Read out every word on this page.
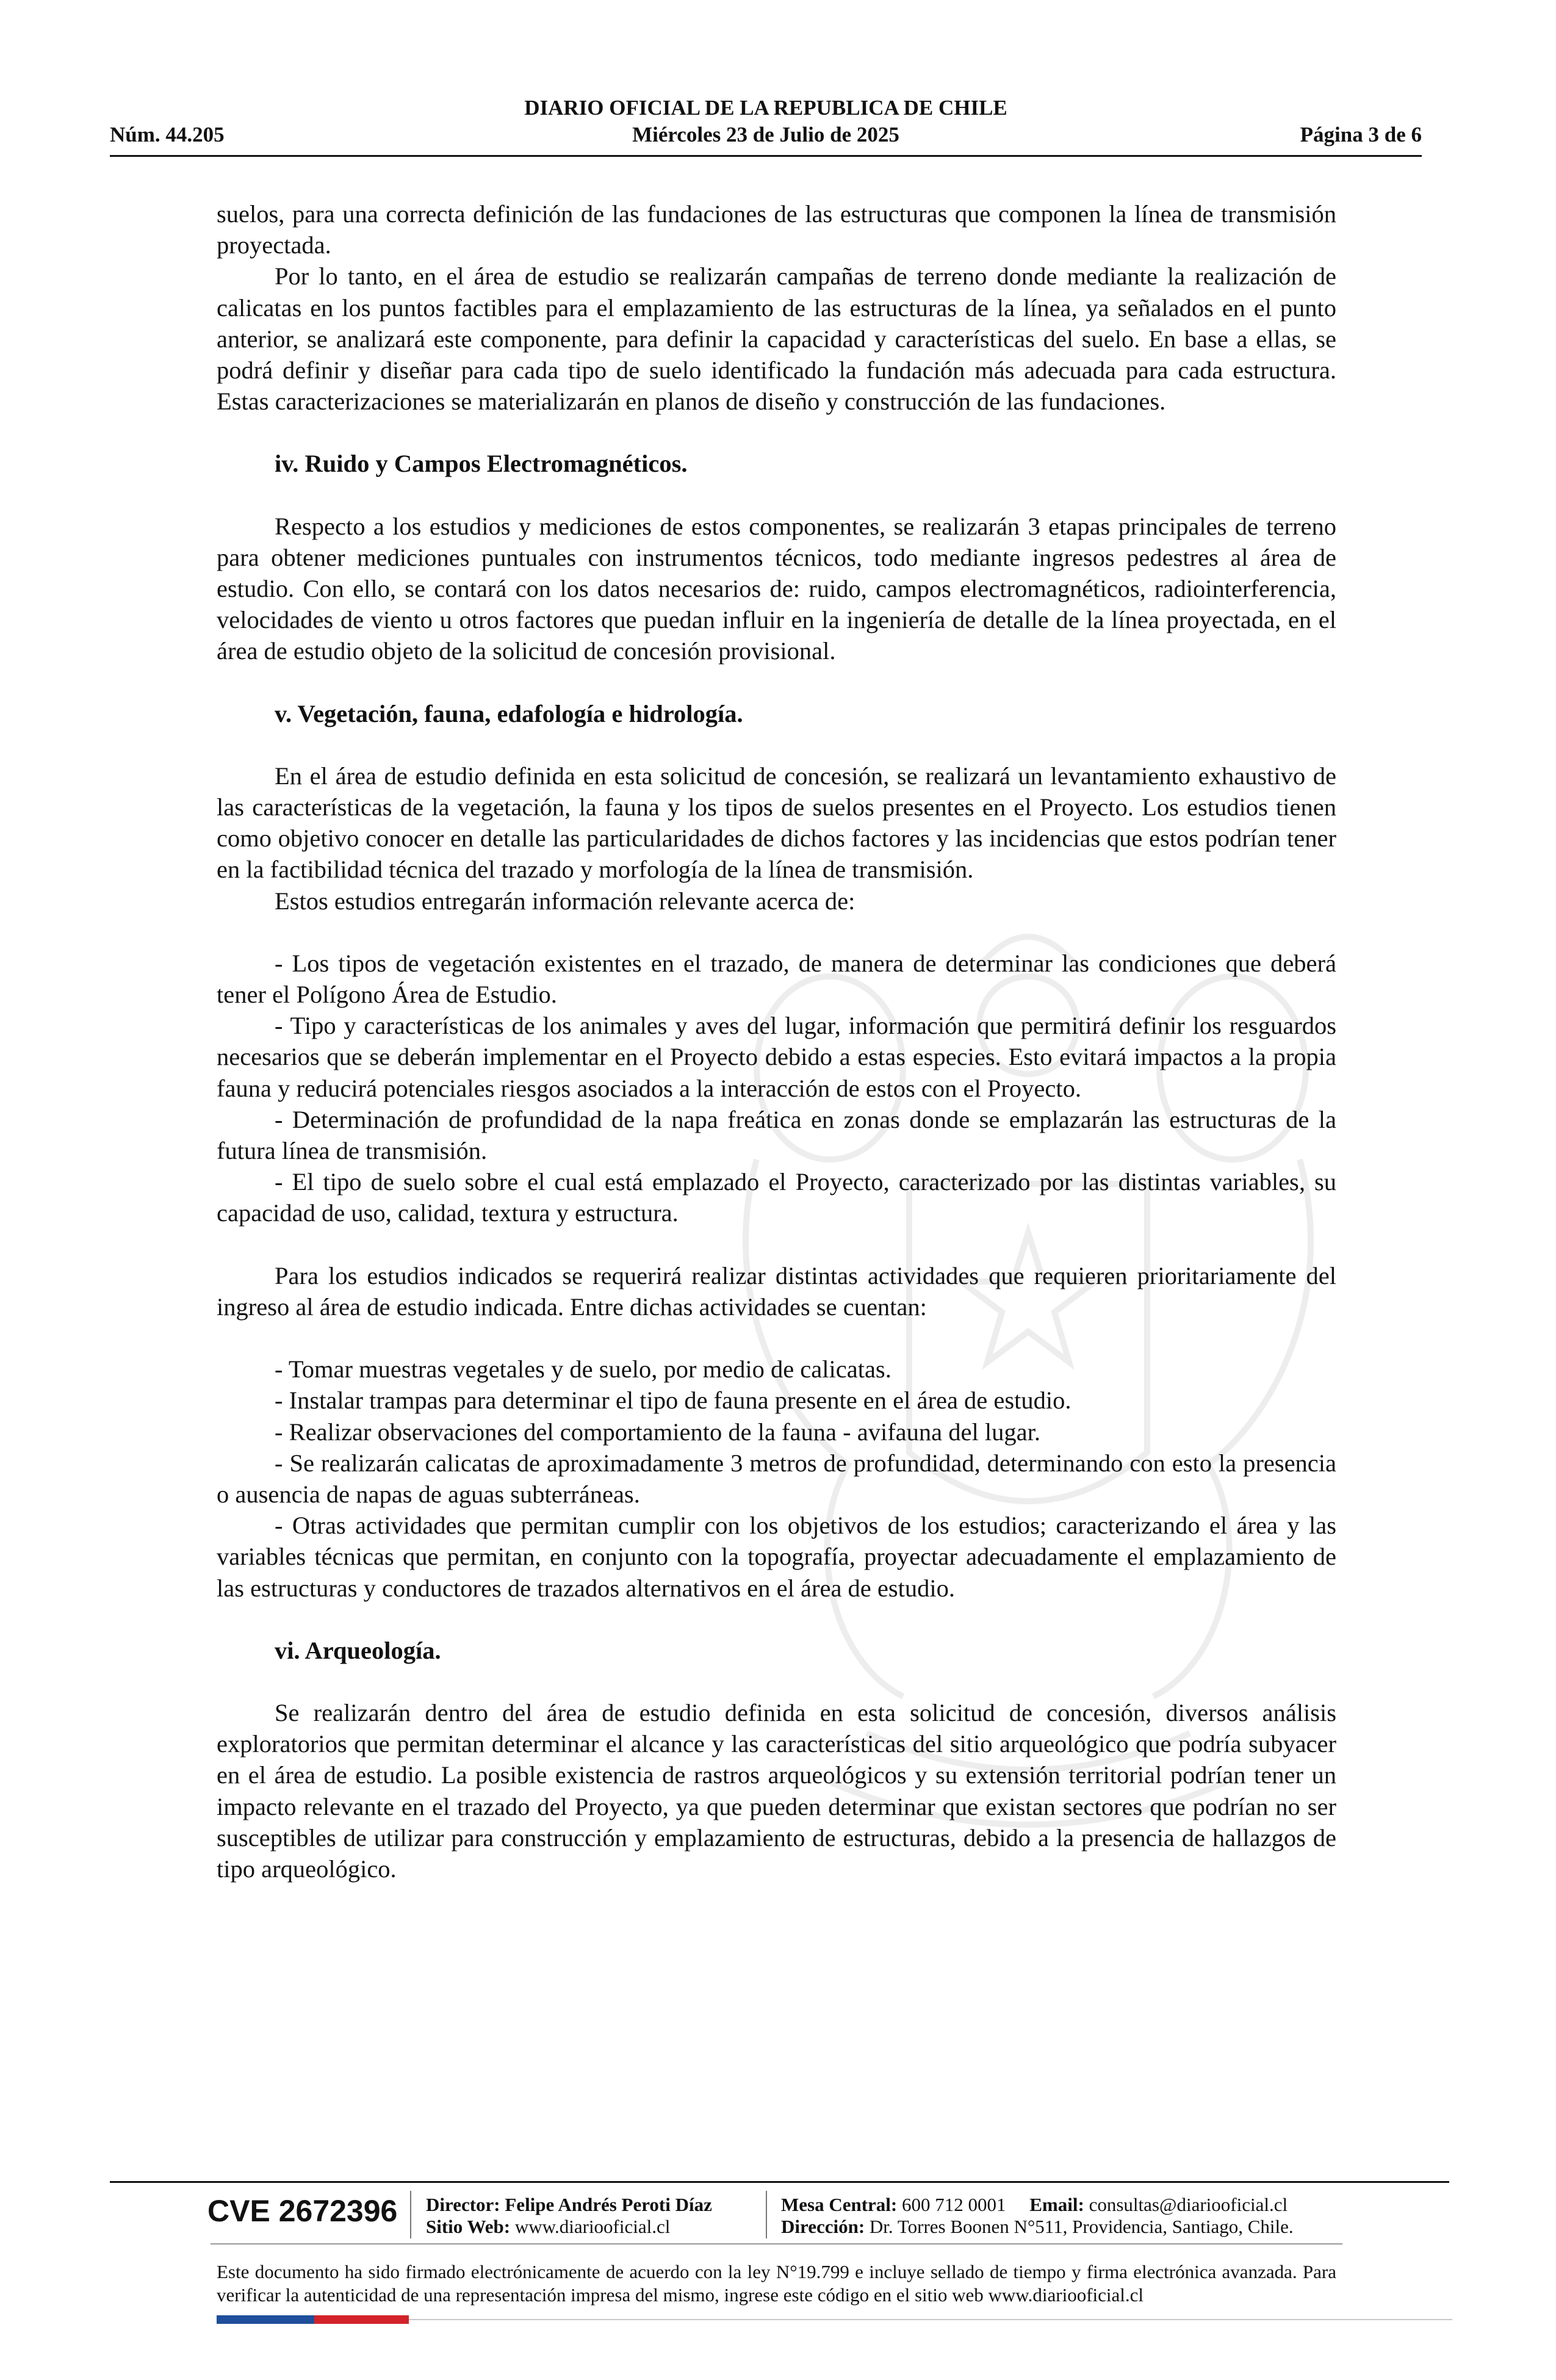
DIARIO OFICIAL DE LA REPUBLICA DE CHILE
Núm. 44.205	Miércoles 23 de Julio de 2025	Página 3 de 6

suelos, para una correcta definición de las fundaciones de las estructuras que componen la línea de transmisión proyectada.

Por lo tanto, en el área de estudio se realizarán campañas de terreno donde mediante la realización de calicatas en los puntos factibles para el emplazamiento de las estructuras de la línea, ya señalados en el punto anterior, se analizará este componente, para definir la capacidad y características del suelo. En base a ellas, se podrá definir y diseñar para cada tipo de suelo identificado la fundación más adecuada para cada estructura. Estas caracterizaciones se materializarán en planos de diseño y construcción de las fundaciones.

iv. Ruido y Campos Electromagnéticos.

Respecto a los estudios y mediciones de estos componentes, se realizarán 3 etapas principales de terreno para obtener mediciones puntuales con instrumentos técnicos, todo mediante ingresos pedestres al área de estudio. Con ello, se contará con los datos necesarios de: ruido, campos electromagnéticos, radiointerferencia, velocidades de viento u otros factores que puedan influir en la ingeniería de detalle de la línea proyectada, en el área de estudio objeto de la solicitud de concesión provisional.

v. Vegetación, fauna, edafología e hidrología.

En el área de estudio definida en esta solicitud de concesión, se realizará un levantamiento exhaustivo de las características de la vegetación, la fauna y los tipos de suelos presentes en el Proyecto. Los estudios tienen como objetivo conocer en detalle las particularidades de dichos factores y las incidencias que estos podrían tener en la factibilidad técnica del trazado y morfología de la línea de transmisión.

Estos estudios entregarán información relevante acerca de:

- Los tipos de vegetación existentes en el trazado, de manera de determinar las condiciones que deberá tener el Polígono Área de Estudio.

- Tipo y características de los animales y aves del lugar, información que permitirá definir los resguardos necesarios que se deberán implementar en el Proyecto debido a estas especies. Esto evitará impactos a la propia fauna y reducirá potenciales riesgos asociados a la interacción de estos con el Proyecto.

- Determinación de profundidad de la napa freática en zonas donde se emplazarán las estructuras de la futura línea de transmisión.

- El tipo de suelo sobre el cual está emplazado el Proyecto, caracterizado por las distintas variables, su capacidad de uso, calidad, textura y estructura.

Para los estudios indicados se requerirá realizar distintas actividades que requieren prioritariamente del ingreso al área de estudio indicada. Entre dichas actividades se cuentan:

- Tomar muestras vegetales y de suelo, por medio de calicatas.

- Instalar trampas para determinar el tipo de fauna presente en el área de estudio.

- Realizar observaciones del comportamiento de la fauna - avifauna del lugar.

- Se realizarán calicatas de aproximadamente 3 metros de profundidad, determinando con esto la presencia o ausencia de napas de aguas subterráneas.

- Otras actividades que permitan cumplir con los objetivos de los estudios; caracterizando el área y las variables técnicas que permitan, en conjunto con la topografía, proyectar adecuadamente el emplazamiento de las estructuras y conductores de trazados alternativos en el área de estudio.

vi. Arqueología.

Se realizarán dentro del área de estudio definida en esta solicitud de concesión, diversos análisis exploratorios que permitan determinar el alcance y las características del sitio arqueológico que podría subyacer en el área de estudio. La posible existencia de rastros arqueológicos y su extensión territorial podrían tener un impacto relevante en el trazado del Proyecto, ya que pueden determinar que existan sectores que podrían no ser susceptibles de utilizar para construcción y emplazamiento de estructuras, debido a la presencia de hallazgos de tipo arqueológico.

CVE 2672396 Director: Felipe Andrés Peroti Díaz
Sitio Web: www.diariooficial.cl
Mesa Central: 600 712 0001 Email: consultas@diariooficial.cl
Dirección: Dr. Torres Boonen N°511, Providencia, Santiago, Chile.
Este documento ha sido firmado electrónicamente de acuerdo con la ley N°19.799 e incluye sellado de tiempo y firma electrónica avanzada. Para verificar la autenticidad de una representación impresa del mismo, ingrese este código en el sitio web www.diariooficial.cl
